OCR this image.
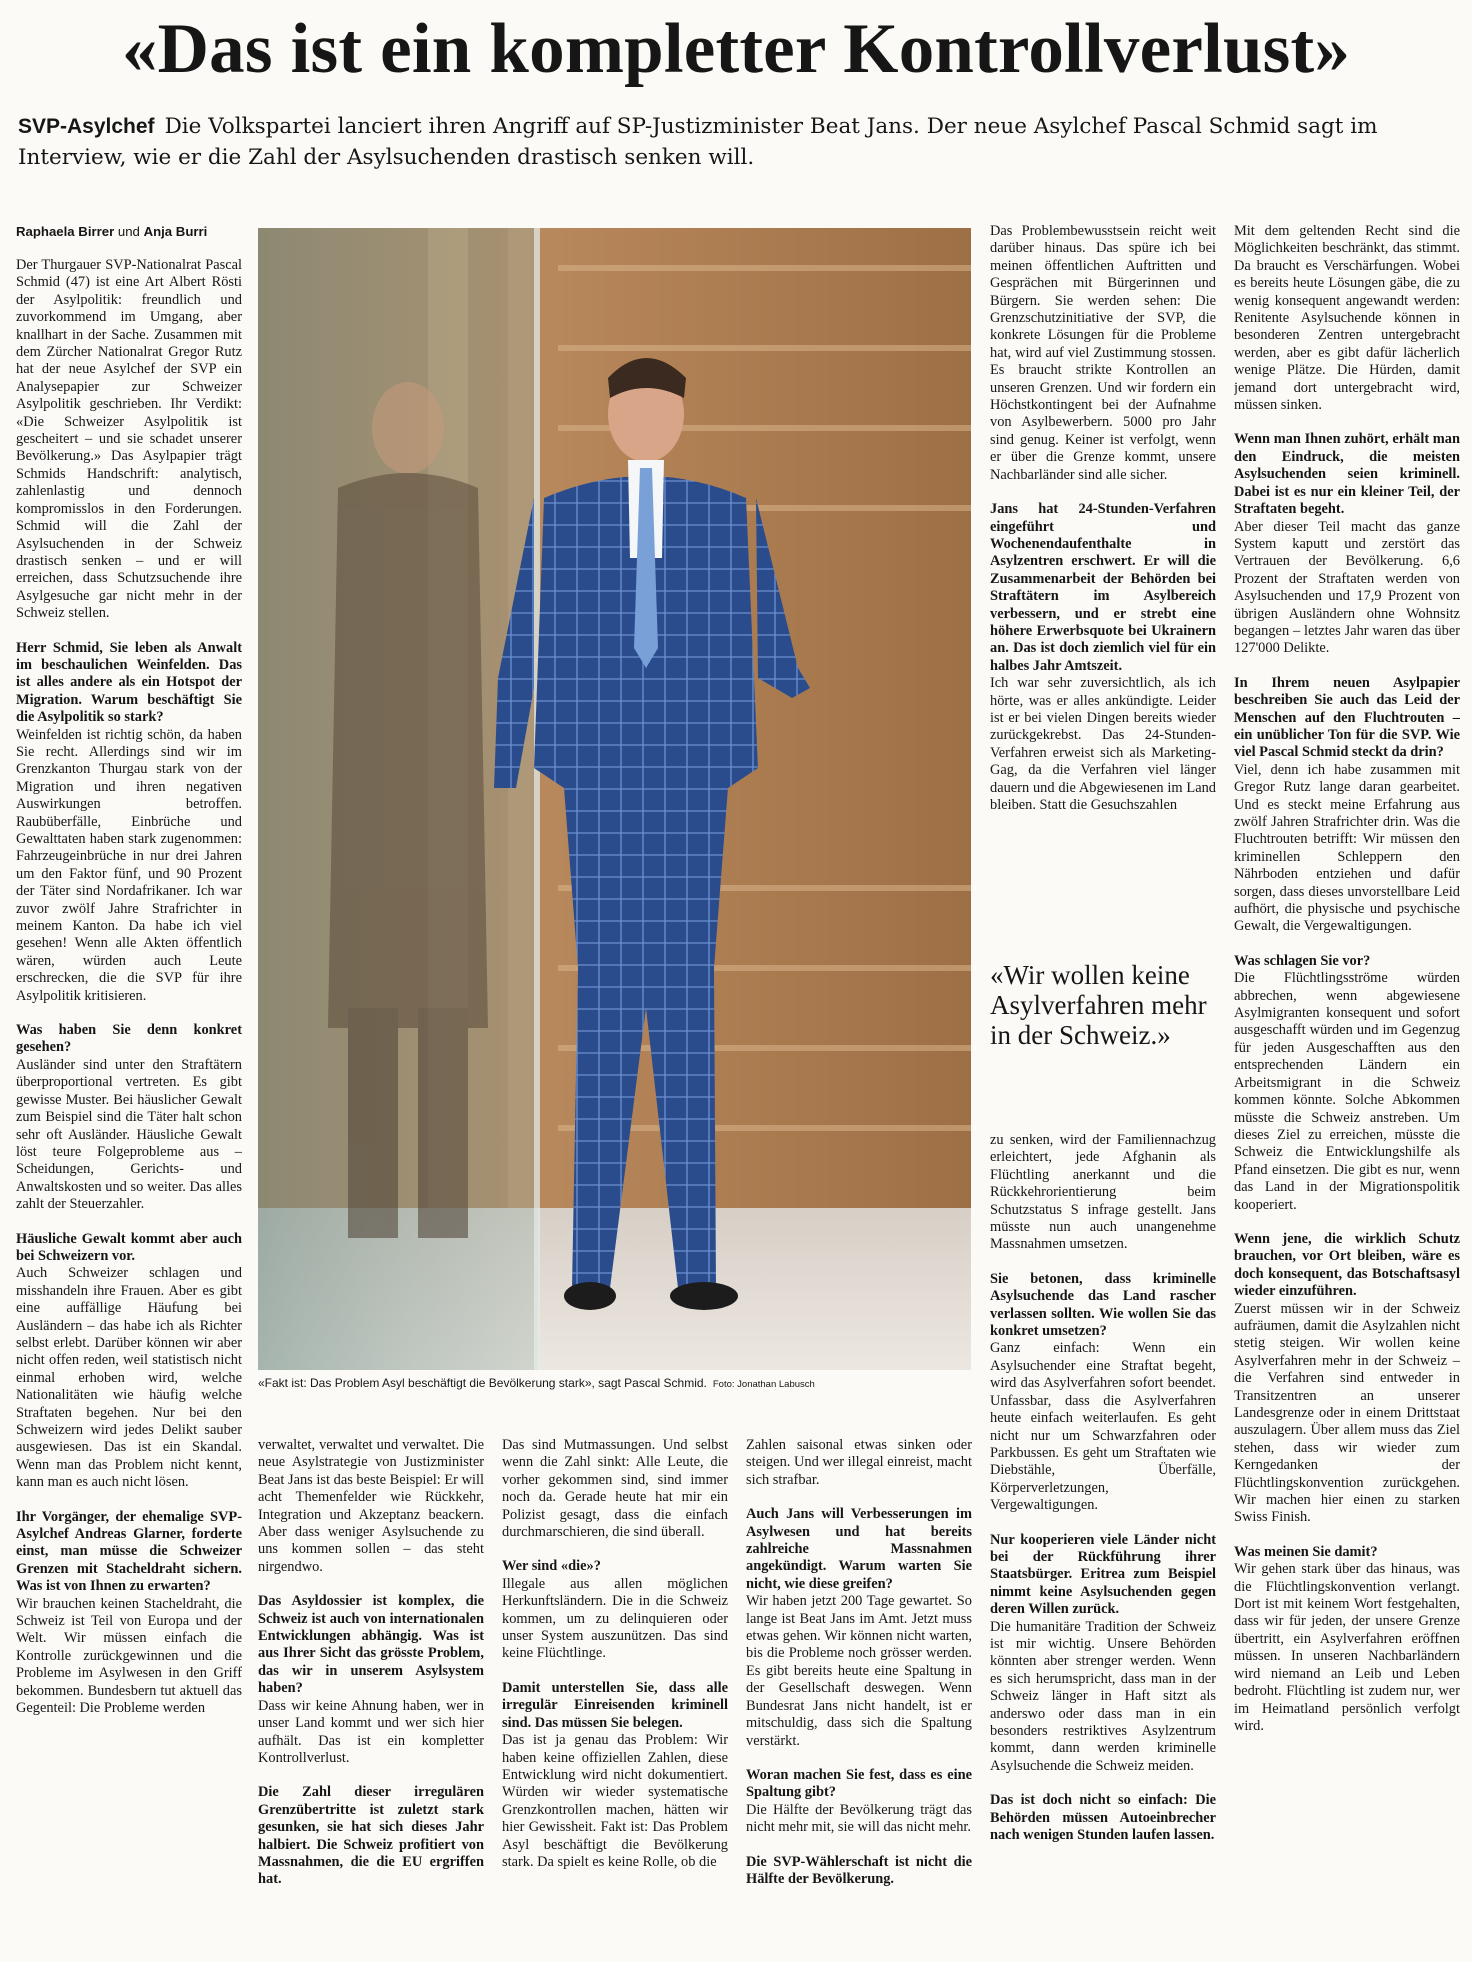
«Das ist ein kompletter Kontrollverlust»

SVP-Asylchef Die Volkspartei lanciert ihren Angriff auf SP-Justizminister Beat Jans. Der neue Asylchef Pascal Schmid sagt im Interview, wie er die Zahl der Asylsuchenden drastisch senken will.

Raphaela Birrer und Anja Burri
«Fakt ist: Das Problem Asyl beschäftigt die Bevölkerung stark», sagt Pascal Schmid. Foto: Jonathan Labusch

«Wir wollen keine Asylverfahren mehr in der Schweiz.»

Der Thurgauer SVP-Nationalrat Pascal Schmid (47) ist eine Art Albert Rösti der Asylpolitik: freundlich und zuvorkommend im Umgang, aber knallhart in der Sache. Zusammen mit dem Zürcher Nationalrat Gregor Rutz hat der neue Asylchef der SVP ein Analysepapier zur Schweizer Asylpolitik geschrieben. Ihr Verdikt: «Die Schweizer Asylpolitik ist gescheitert – und sie schadet unserer Bevölkerung.» Das Asylpapier trägt Schmids Handschrift: analytisch, zahlenlastig und dennoch kompromisslos in den Forderungen. Schmid will die Zahl der Asylsuchenden in der Schweiz drastisch senken – und er will erreichen, dass Schutzsuchende ihre Asylgesuche gar nicht mehr in der Schweiz stellen.

Herr Schmid, Sie leben als Anwalt im beschaulichen Weinfelden. Das ist alles andere als ein Hotspot der Migration. Warum beschäftigt Sie die Asylpolitik so stark?

Weinfelden ist richtig schön, da haben Sie recht. Allerdings sind wir im Grenzkanton Thurgau stark von der Migration und ihren negativen Auswirkungen betroffen. Raubüberfälle, Einbrüche und Gewalttaten haben stark zugenommen: Fahrzeugeinbrüche in nur drei Jahren um den Faktor fünf, und 90 Prozent der Täter sind Nordafrikaner. Ich war zuvor zwölf Jahre Strafrichter in meinem Kanton. Da habe ich viel gesehen! Wenn alle Akten öffentlich wären, würden auch Leute erschrecken, die die SVP für ihre Asylpolitik kritisieren.

Was haben Sie denn konkret gesehen?

Ausländer sind unter den Straftätern überproportional vertreten. Es gibt gewisse Muster. Bei häuslicher Gewalt zum Beispiel sind die Täter halt schon sehr oft Ausländer. Häusliche Gewalt löst teure Folgeprobleme aus – Scheidungen, Gerichts- und Anwaltskosten und so weiter. Das alles zahlt der Steuerzahler.

Häusliche Gewalt kommt aber auch bei Schweizern vor.

Auch Schweizer schlagen und misshandeln ihre Frauen. Aber es gibt eine auffällige Häufung bei Ausländern – das habe ich als Richter selbst erlebt. Darüber können wir aber nicht offen reden, weil statistisch nicht einmal erhoben wird, welche Nationalitäten wie häufig welche Straftaten begehen. Nur bei den Schweizern wird jedes Delikt sauber ausgewiesen. Das ist ein Skandal. Wenn man das Problem nicht kennt, kann man es auch nicht lösen.

Ihr Vorgänger, der ehemalige SVP-Asylchef Andreas Glarner, forderte einst, man müsse die Schweizer Grenzen mit Stacheldraht sichern. Was ist von Ihnen zu erwarten?

Wir brauchen keinen Stacheldraht, die Schweiz ist Teil von Europa und der Welt. Wir müssen einfach die Kontrolle zurückgewinnen und die Probleme im Asylwesen in den Griff bekommen. Bundesbern tut aktuell das Gegenteil: Die Probleme werden

verwaltet, verwaltet und verwaltet. Die neue Asylstrategie von Justizminister Beat Jans ist das beste Beispiel: Er will acht Themenfelder wie Rückkehr, Integration und Akzeptanz beackern. Aber dass weniger Asylsuchende zu uns kommen sollen – das steht nirgendwo.

Das Asyldossier ist komplex, die Schweiz ist auch von internationalen Entwicklungen abhängig. Was ist aus Ihrer Sicht das grösste Problem, das wir in unserem Asylsystem haben?

Dass wir keine Ahnung haben, wer in unser Land kommt und wer sich hier aufhält. Das ist ein kompletter Kontrollverlust.

Die Zahl dieser irregulären Grenzübertritte ist zuletzt stark gesunken, sie hat sich dieses Jahr halbiert. Die Schweiz profitiert von Massnahmen, die die EU ergriffen hat.

Das sind Mutmassungen. Und selbst wenn die Zahl sinkt: Alle Leute, die vorher gekommen sind, sind immer noch da. Gerade heute hat mir ein Polizist gesagt, dass die einfach durchmarschieren, die sind überall.

Wer sind «die»?

Illegale aus allen möglichen Herkunftsländern. Die in die Schweiz kommen, um zu delinquieren oder unser System auszunützen. Das sind keine Flüchtlinge.

Damit unterstellen Sie, dass alle irregulär Einreisenden kriminell sind. Das müssen Sie belegen.

Das ist ja genau das Problem: Wir haben keine offiziellen Zahlen, diese Entwicklung wird nicht dokumentiert. Würden wir wieder systematische Grenzkontrollen machen, hätten wir hier Gewissheit. Fakt ist: Das Problem Asyl beschäftigt die Bevölkerung stark. Da spielt es keine Rolle, ob die

Zahlen saisonal etwas sinken oder steigen. Und wer illegal einreist, macht sich strafbar.

Auch Jans will Verbesserungen im Asylwesen und hat bereits zahlreiche Massnahmen angekündigt. Warum warten Sie nicht, wie diese greifen?

Wir haben jetzt 200 Tage gewartet. So lange ist Beat Jans im Amt. Jetzt muss etwas gehen. Wir können nicht warten, bis die Probleme noch grösser werden. Es gibt bereits heute eine Spaltung in der Gesellschaft deswegen. Wenn Bundesrat Jans nicht handelt, ist er mitschuldig, dass sich die Spaltung verstärkt.

Woran machen Sie fest, dass es eine Spaltung gibt?

Die Hälfte der Bevölkerung trägt das nicht mehr mit, sie will das nicht mehr.

Die SVP-Wählerschaft ist nicht die Hälfte der Bevölkerung.

Das Problembewusstsein reicht weit darüber hinaus. Das spüre ich bei meinen öffentlichen Auftritten und Gesprächen mit Bürgerinnen und Bürgern. Sie werden sehen: Die Grenzschutzinitiative der SVP, die konkrete Lösungen für die Probleme hat, wird auf viel Zustimmung stossen. Es braucht strikte Kontrollen an unseren Grenzen. Und wir fordern ein Höchstkontingent bei der Aufnahme von Asylbewerbern. 5000 pro Jahr sind genug. Keiner ist verfolgt, wenn er über die Grenze kommt, unsere Nachbarländer sind alle sicher.

Jans hat 24-Stunden-Verfahren eingeführt und Wochenendaufenthalte in Asylzentren erschwert. Er will die Zusammenarbeit der Behörden bei Straftätern im Asylbereich verbessern, und er strebt eine höhere Erwerbsquote bei Ukrainern an. Das ist doch ziemlich viel für ein halbes Jahr Amtszeit.

Ich war sehr zuversichtlich, als ich hörte, was er alles ankündigte. Leider ist er bei vielen Dingen bereits wieder zurückgekrebst. Das 24-Stunden-Verfahren erweist sich als Marketing-Gag, da die Verfahren viel länger dauern und die Abgewiesenen im Land bleiben. Statt die Gesuchszahlen

zu senken, wird der Familiennachzug erleichtert, jede Afghanin als Flüchtling anerkannt und die Rückkehrorientierung beim Schutzstatus S infrage gestellt. Jans müsste nun auch unangenehme Massnahmen umsetzen.

Sie betonen, dass kriminelle Asylsuchende das Land rascher verlassen sollten. Wie wollen Sie das konkret umsetzen?

Ganz einfach: Wenn ein Asylsuchender eine Straftat begeht, wird das Asylverfahren sofort beendet. Unfassbar, dass die Asylverfahren heute einfach weiterlaufen. Es geht nicht nur um Schwarzfahren oder Parkbussen. Es geht um Straftaten wie Diebstähle, Überfälle, Körperverletzungen, Vergewaltigungen.

Nur kooperieren viele Länder nicht bei der Rückführung ihrer Staatsbürger. Eritrea zum Beispiel nimmt keine Asylsuchenden gegen deren Willen zurück.

Die humanitäre Tradition der Schweiz ist mir wichtig. Unsere Behörden könnten aber strenger werden. Wenn es sich herumspricht, dass man in der Schweiz länger in Haft sitzt als anderswo oder dass man in ein besonders restriktives Asylzentrum kommt, dann werden kriminelle Asylsuchende die Schweiz meiden.

Das ist doch nicht so einfach: Die Behörden müssen Autoeinbrecher nach wenigen Stunden laufen lassen.

Mit dem geltenden Recht sind die Möglichkeiten beschränkt, das stimmt. Da braucht es Verschärfungen. Wobei es bereits heute Lösungen gäbe, die zu wenig konsequent angewandt werden: Renitente Asylsuchende können in besonderen Zentren untergebracht werden, aber es gibt dafür lächerlich wenige Plätze. Die Hürden, damit jemand dort untergebracht wird, müssen sinken.

Wenn man Ihnen zuhört, erhält man den Eindruck, die meisten Asylsuchenden seien kriminell. Dabei ist es nur ein kleiner Teil, der Straftaten begeht.

Aber dieser Teil macht das ganze System kaputt und zerstört das Vertrauen der Bevölkerung. 6,6 Prozent der Straftaten werden von Asylsuchenden und 17,9 Prozent von übrigen Ausländern ohne Wohnsitz begangen – letztes Jahr waren das über 127'000 Delikte.

In Ihrem neuen Asylpapier beschreiben Sie auch das Leid der Menschen auf den Fluchtrouten – ein unüblicher Ton für die SVP. Wie viel Pascal Schmid steckt da drin?

Viel, denn ich habe zusammen mit Gregor Rutz lange daran gearbeitet. Und es steckt meine Erfahrung aus zwölf Jahren Strafrichter drin. Was die Fluchtrouten betrifft: Wir müssen den kriminellen Schleppern den Nährboden entziehen und dafür sorgen, dass dieses unvorstellbare Leid aufhört, die physische und psychische Gewalt, die Vergewaltigungen.

Was schlagen Sie vor?

Die Flüchtlingsströme würden abbrechen, wenn abgewiesene Asylmigranten konsequent und sofort ausgeschafft würden und im Gegenzug für jeden Ausgeschafften aus den entsprechenden Ländern ein Arbeitsmigrant in die Schweiz kommen könnte. Solche Abkommen müsste die Schweiz anstreben. Um dieses Ziel zu erreichen, müsste die Schweiz die Entwicklungshilfe als Pfand einsetzen. Die gibt es nur, wenn das Land in der Migrationspolitik kooperiert.

Wenn jene, die wirklich Schutz brauchen, vor Ort bleiben, wäre es doch konsequent, das Botschaftsasyl wieder einzuführen.

Zuerst müssen wir in der Schweiz aufräumen, damit die Asylzahlen nicht stetig steigen. Wir wollen keine Asylverfahren mehr in der Schweiz – die Verfahren sind entweder in Transitzentren an unserer Landesgrenze oder in einem Drittstaat auszulagern. Über allem muss das Ziel stehen, dass wir wieder zum Kerngedanken der Flüchtlingskonvention zurückgehen. Wir machen hier einen zu starken Swiss Finish.

Was meinen Sie damit?

Wir gehen stark über das hinaus, was die Flüchtlingskonvention verlangt. Dort ist mit keinem Wort festgehalten, dass wir für jeden, der unsere Grenze übertritt, ein Asylverfahren eröffnen müssen. In unseren Nachbarländern wird niemand an Leib und Leben bedroht. Flüchtling ist zudem nur, wer im Heimatland persönlich verfolgt wird.
